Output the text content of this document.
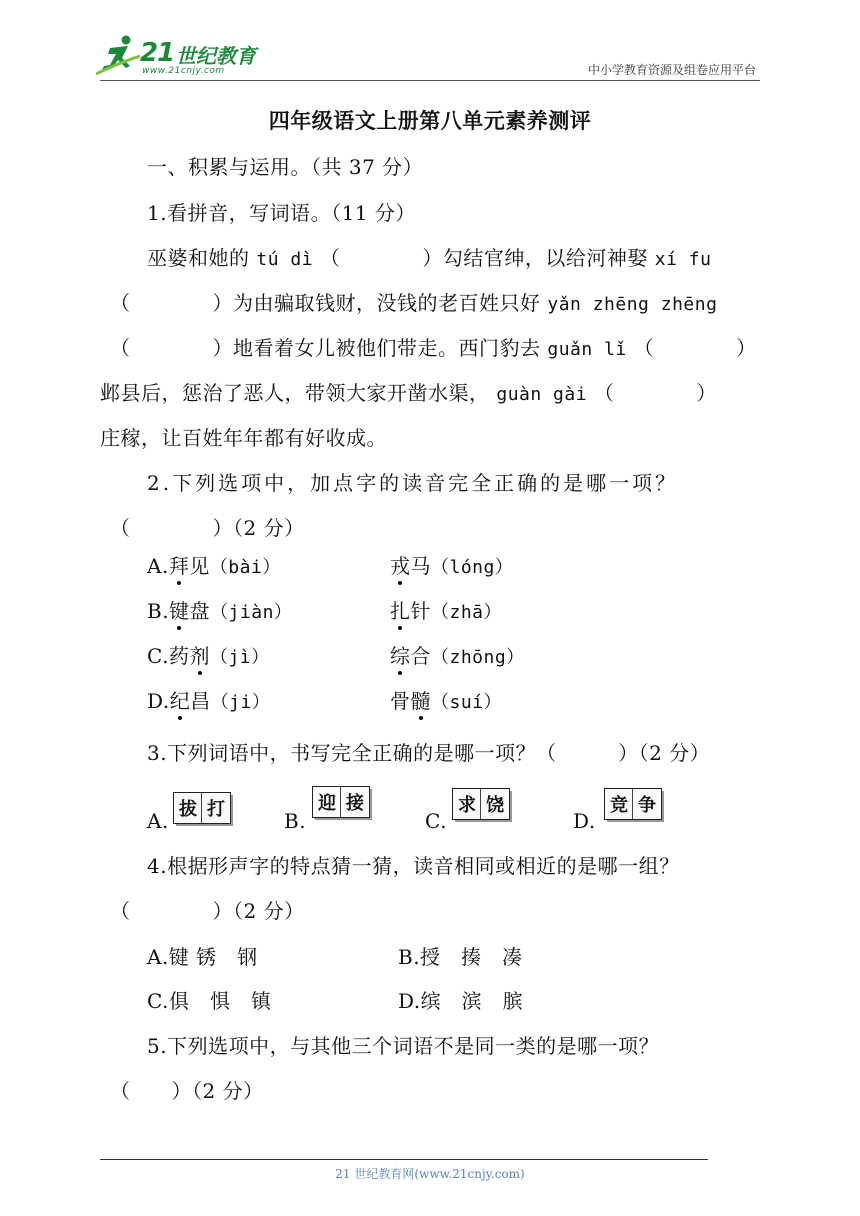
21 世纪教育
www.21cnjy.com	中小学教育资源及组卷应用平台
四年级语文上册第八单元素养测评
一、积累与运用。（共 37 分）
1.看拼音，写词语。（11 分）
巫婆和她的 tú dì （　　　　）勾结官绅，以给河神娶 xí fu
（　　　　）为由骗取钱财，没钱的老百姓只好 yǎn zhēng zhēng
（　　　　）地看着女儿被他们带走。西门豹去 guǎn lǐ （　　　　）
邺县后，惩治了恶人，带领大家开凿水渠， guàn gài （　　　　）
庄稼，让百姓年年都有好收成。
2.下列选项中，加点字的读音完全正确的是哪一项？
（　　　　）（2 分）
A.拜见（bài）	戎马（lóng）
B.键盘（jiàn）	扎针（zhā）
C.药剂（jì）	综合（zhōng）
D.纪昌（ji）	骨髓（suí）
3.下列词语中，书写完全正确的是哪一项？（　　　）（2 分）
A. 拔 打	B.
迎 接
C.
求 饶
D.
竞 争
4.根据形声字的特点猜一猜，读音相同或相近的是哪一组？
（　　　　）（2 分）
A.键 锈　钢	B.授　揍　凑
C.俱　惧　镇	D.缤　滨　膑
5.下列选项中，与其他三个词语不是同一类的是哪一项？
（　　）（2 分）
21 世纪教育网(www.21cnjy.com)
